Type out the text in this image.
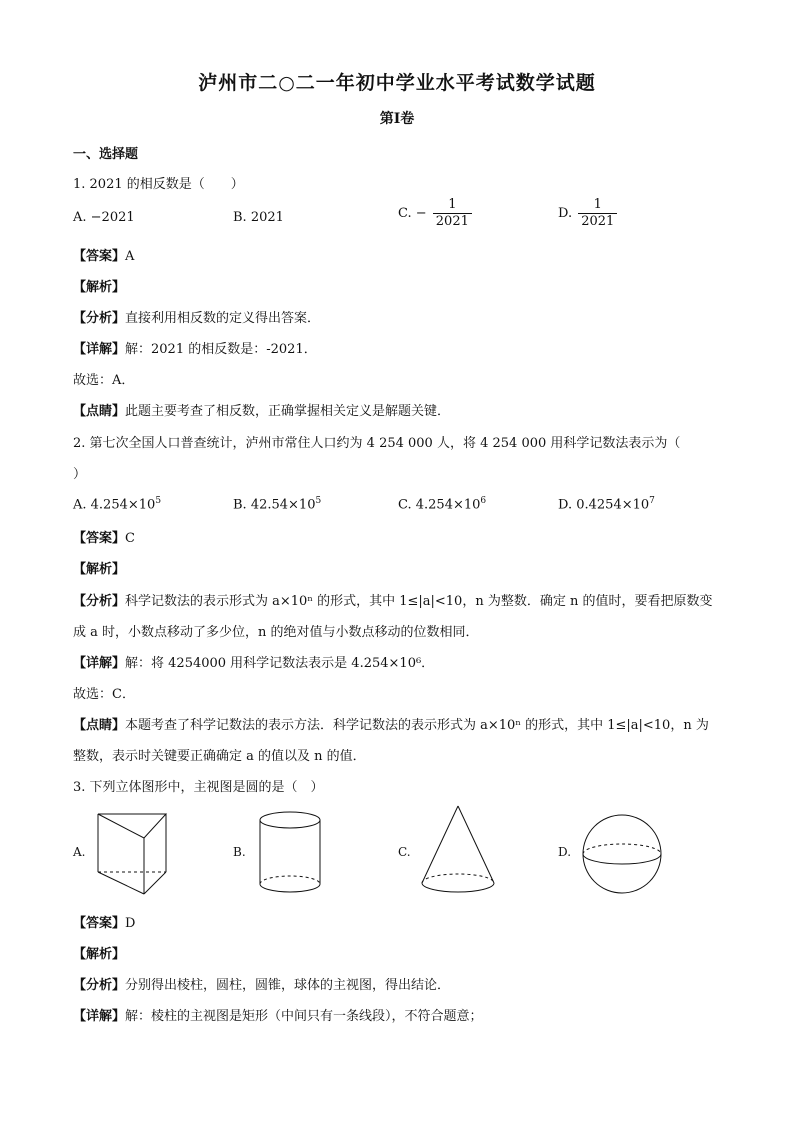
泸州市二○二一年初中学业水平考试数学试题
第Ⅰ卷
一、选择题
1. 2021 的相反数是（　　）
A. −2021	B. 2021	C. − $\frac{1}{2021}$	D. $\frac{1}{2021}$
【答案】A
【解析】
【分析】直接利用相反数的定义得出答案．
【详解】解：2021 的相反数是：-2021．
故选：A．
【点睛】此题主要考查了相反数，正确掌握相关定义是解题关键．
2. 第七次全国人口普查统计，泸州市常住人口约为 4 254 000 人，将 4 254 000 用科学记数法表示为（
）
A. $4.254\times 10^5$	B. $42.54\times 10^5$	C. $4.254\times 10^6$	D. $0.4254\times 10^7$
【答案】C
【解析】
【分析】科学记数法的表示形式为 a×10ⁿ 的形式，其中 1≤|a|<10，n 为整数．确定 n 的值时，要看把原数变
成 a 时，小数点移动了多少位，n 的绝对值与小数点移动的位数相同．
【详解】解：将 4254000 用科学记数法表示是 4.254×10⁶．
故选：C．
【点睛】本题考查了科学记数法的表示方法．科学记数法的表示形式为 a×10ⁿ 的形式，其中 1≤|a|<10，n 为
整数，表示时关键要正确确定 a 的值以及 n 的值．
3. 下列立体图形中，主视图是圆的是（　）
A.	B.	C.	D.
【答案】D
【解析】
【分析】分别得出棱柱，圆柱，圆锥，球体的主视图，得出结论．
【详解】解：棱柱的主视图是矩形（中间只有一条线段），不符合题意；
